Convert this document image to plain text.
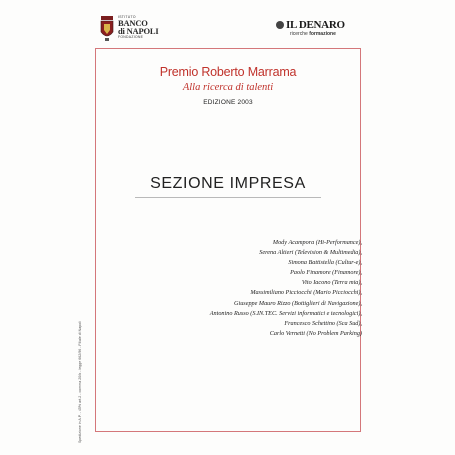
ISTITUTO
BANCO
di NAPOLI
FONDAZIONE
IL DENARO
ricerche formazione
Premio Roberto Marrama
Alla ricerca di talenti
EDIZIONE 2003
SEZIONE IMPRESA
Mody Acampora (Hi-Performance),
Serena Altieri (Television & Multimedia),
Simona Battistella (Cultur-e),
Paolo Finamore (Finamore),
Vito Iacono (Terra mia),
Massimiliano Picciocchi (Mario Picciocchi),
Giuseppe Mauro Rizzo (Bottiglieri di Navigazione),
Antonino Russo (S.IN.TEC. Servizi informatici e tecnologici),
Francesco Schettino (Sca Sud),
Carlo Vernetti (No Problem Parking)
Spedizione in A.P. - 45% art.2 - comma 20/b - legge 662/96 - Filiale di Napoli
